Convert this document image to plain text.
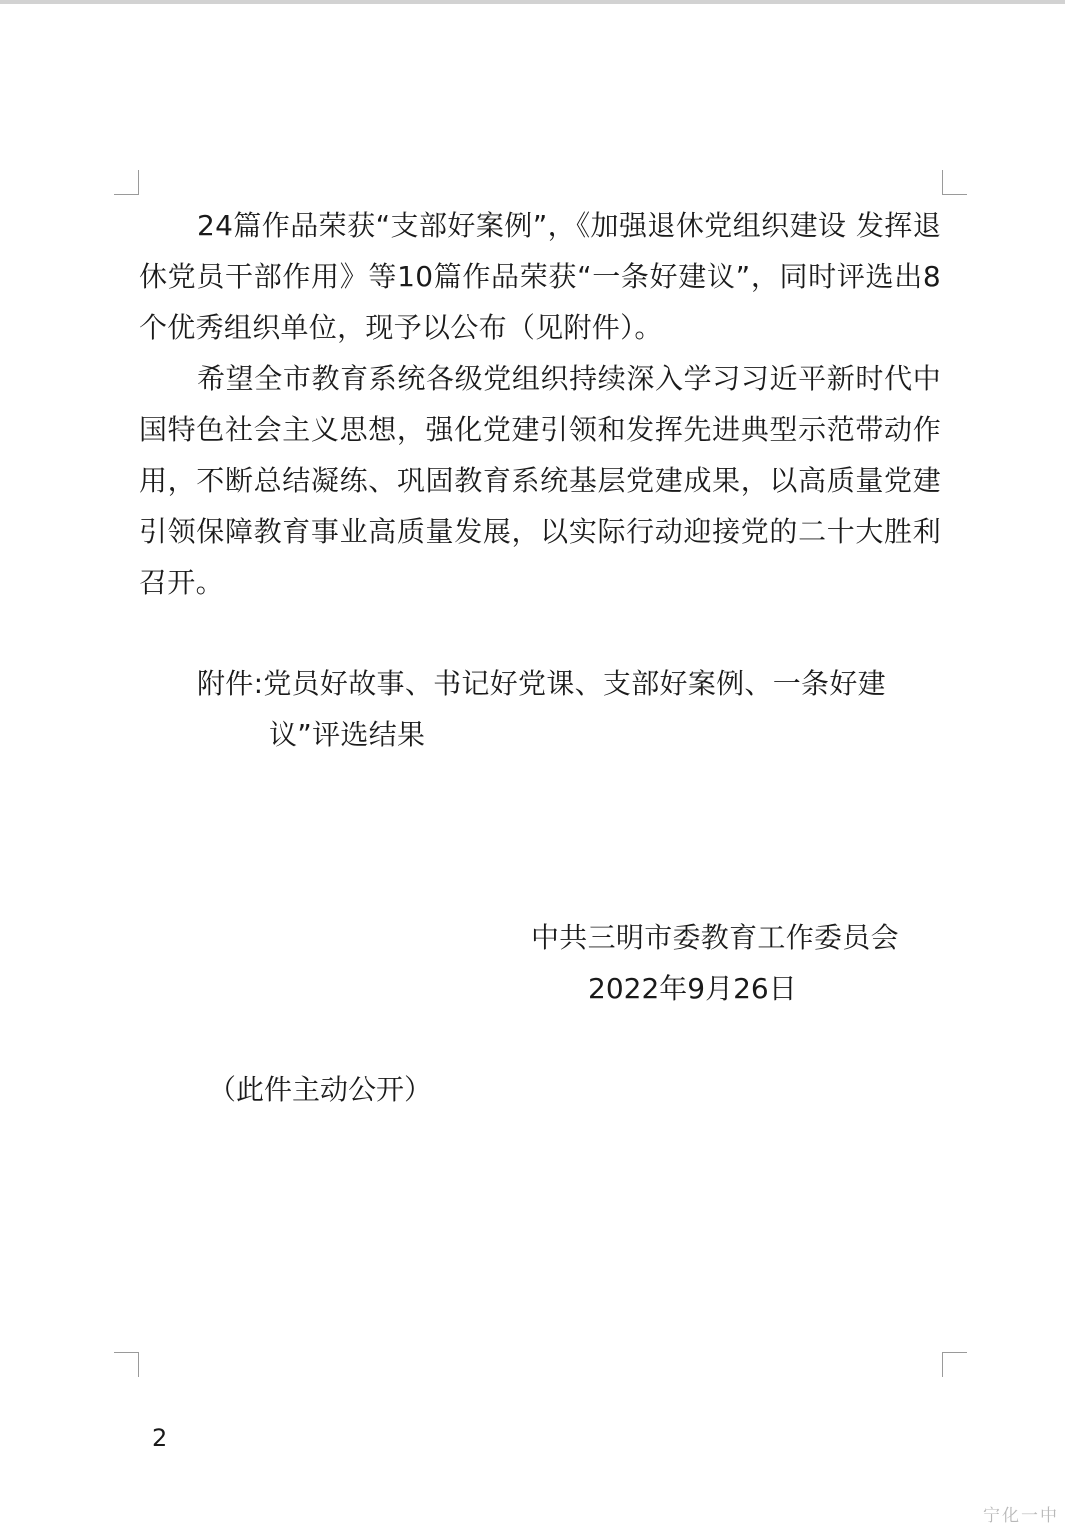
24篇作品荣获“支部好案例”，《加强退休党组织建设 发挥退休党员干部作用》等10篇作品荣获“一条好建议”，同时评选出8个优秀组织单位，现予以公布（见附件）。

希望全市教育系统各级党组织持续深入学习习近平新时代中国特色社会主义思想，强化党建引领和发挥先进典型示范带动作用，不断总结凝练、巩固教育系统基层党建成果，以高质量党建引领保障教育事业高质量发展，以实际行动迎接党的二十大胜利召开。

附件:党员好故事、书记好党课、支部好案例、一条好建
议”评选结果

中共三明市委教育工作委员会
2022年9月26日
（此件主动公开）
2
宁化一中
